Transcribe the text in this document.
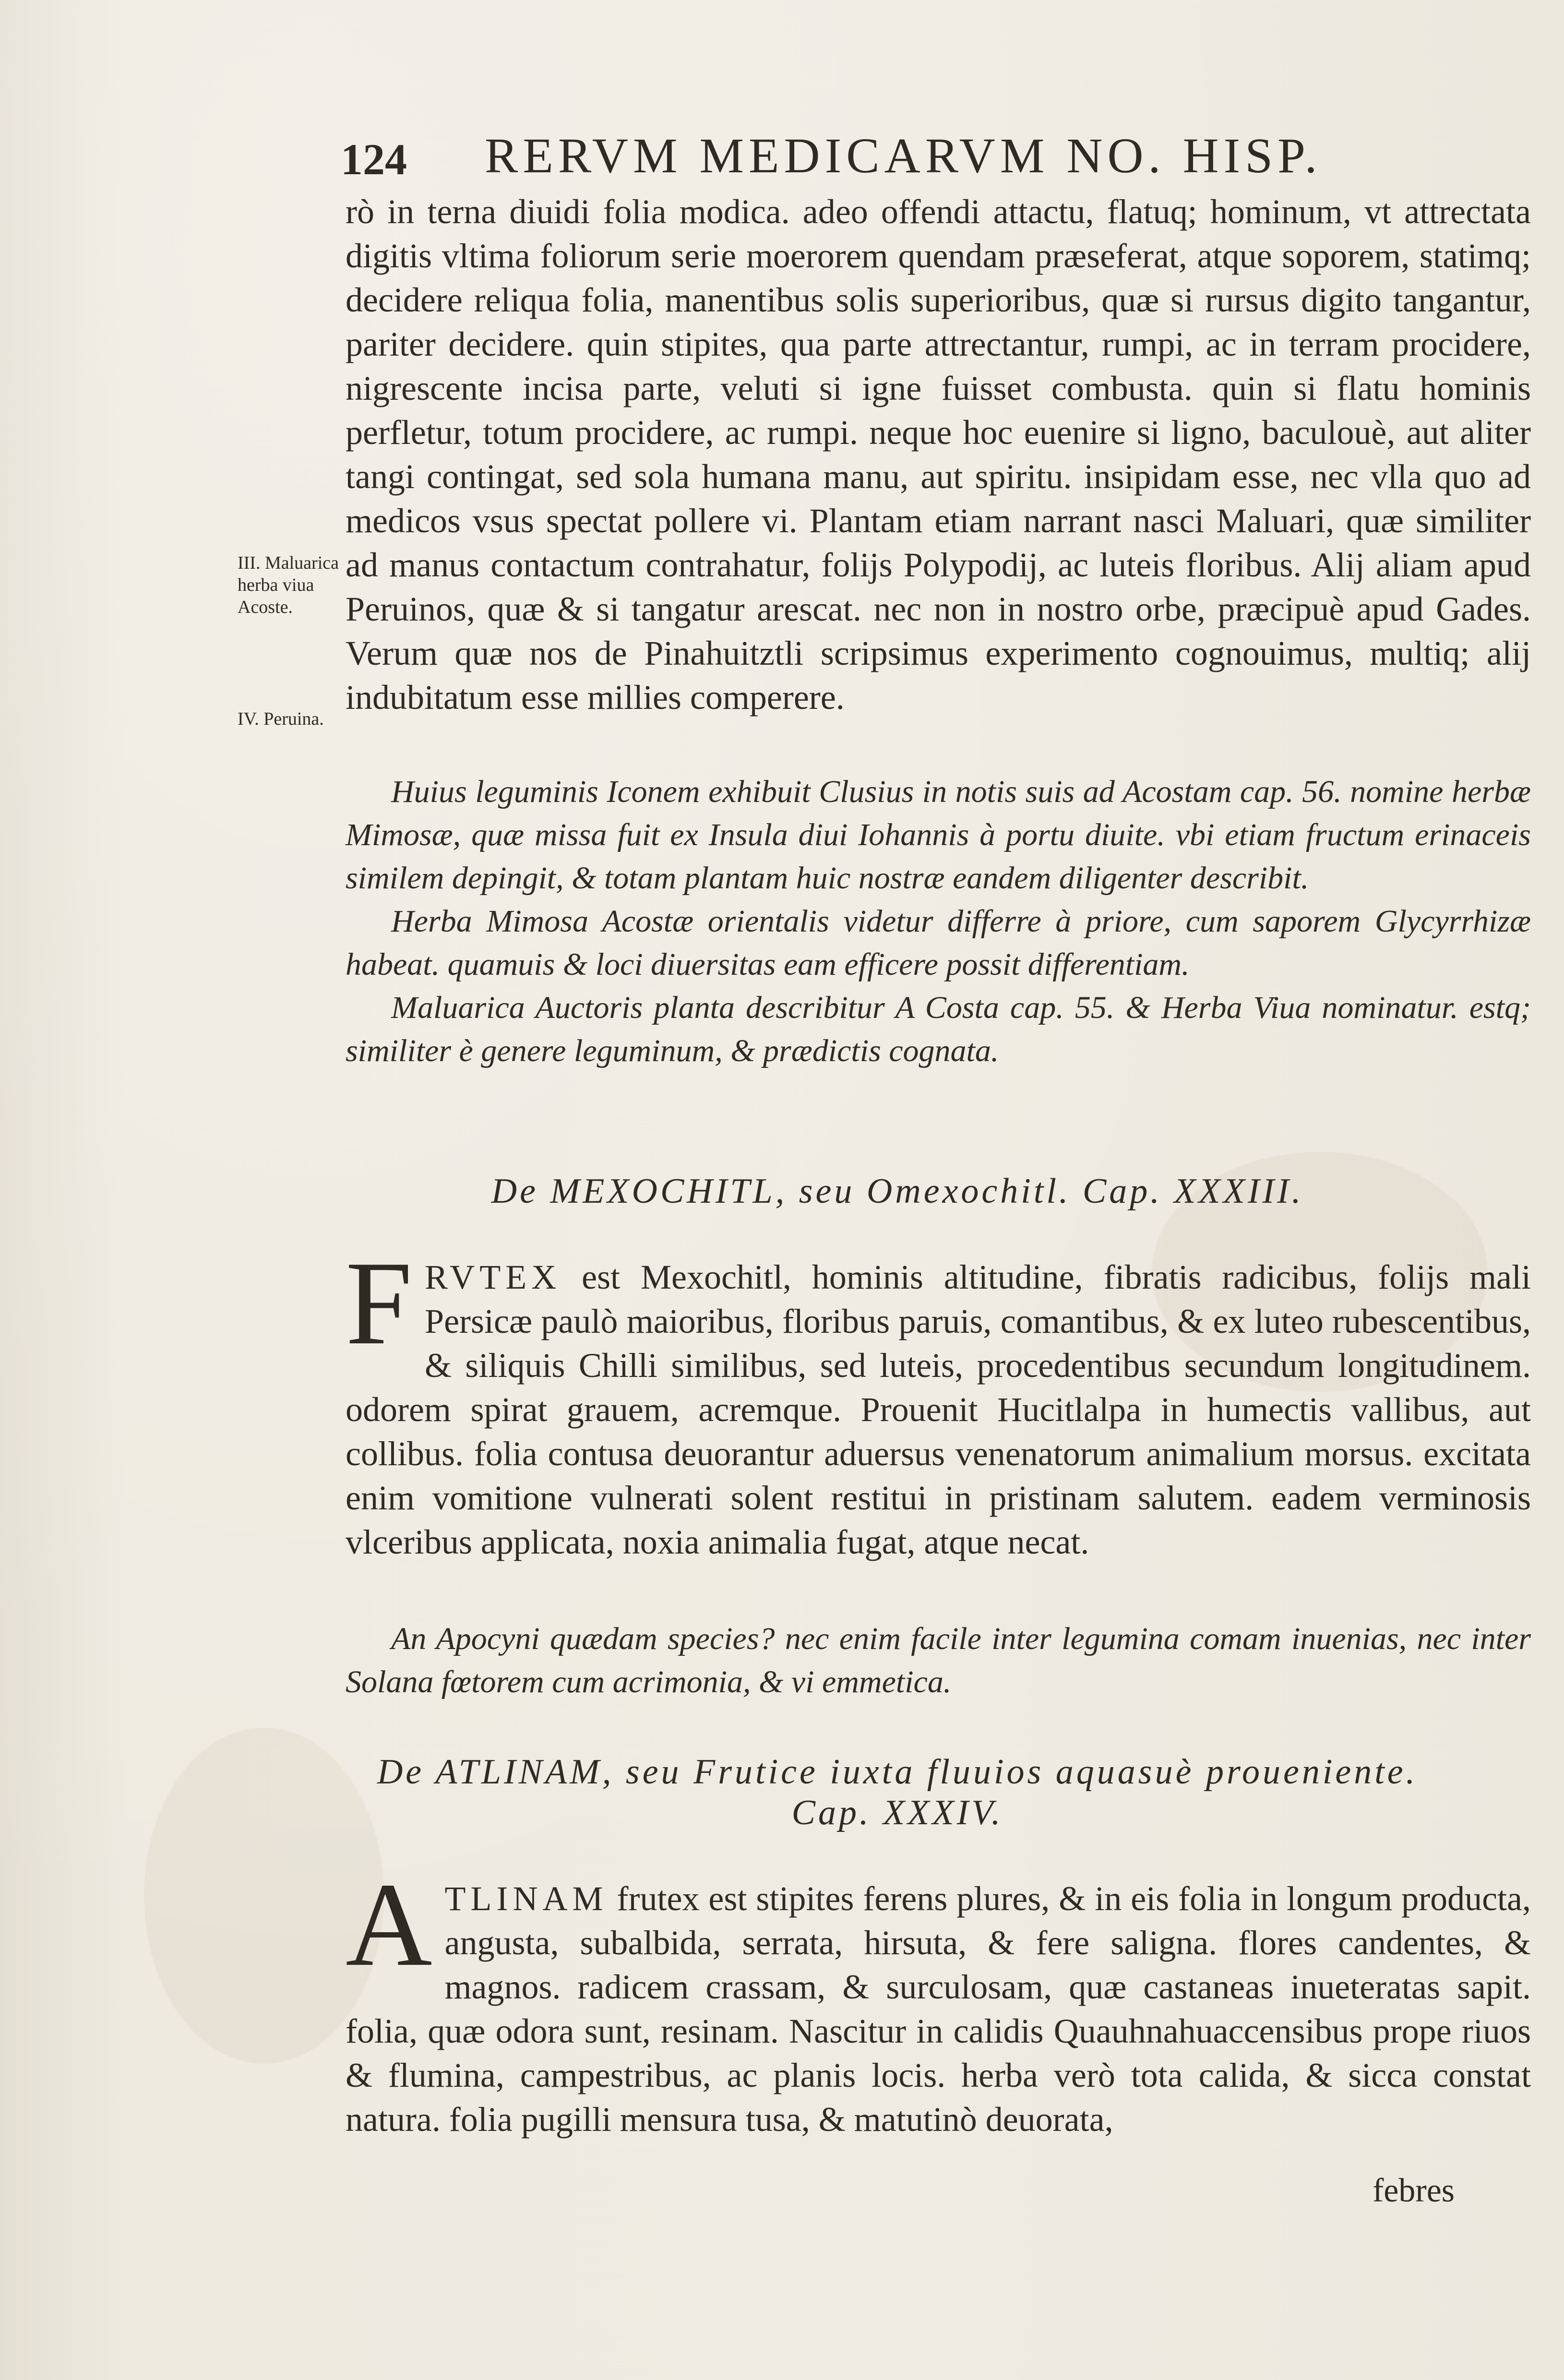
124 RERVM MEDICARVM NO. HISP.

rò in terna diuidi folia modica. adeo offendi attactu, flatuq; hominum, vt attrectata digitis vltima foliorum serie moerorem quendam præseferat, atque soporem, statimq; decidere reliqua folia, manentibus solis superioribus, quæ si rursus digito tangantur, pariter decidere. quin stipites, qua parte attrectantur, rumpi, ac in terram procidere, nigrescente incisa parte, veluti si igne fuisset combusta. quin si flatu hominis perfletur, totum procidere, ac rumpi. neque hoc euenire si ligno, baculouè, aut aliter tangi contingat, sed sola humana manu, aut spiritu. insipidam esse, nec vlla quo ad medicos vsus spectat pollere vi. Plantam etiam narrant nasci Maluari, quæ similiter ad manus contactum contrahatur, folijs Polypodij, ac luteis floribus. Alij aliam apud Peruinos, quæ & si tangatur arescat. nec non in nostro orbe, præcipuè apud Gades. Verum quæ nos de Pinahuitztli scripsimus experimento cognouimus, multiq; alij indubitatum esse millies comperere.

III. Maluarica herba viua Acoste.
IV. Peruina.

Huius leguminis Iconem exhibuit Clusius in notis suis ad Acostam cap. 56. nomine herbæ Mimosæ, quæ missa fuit ex Insula diui Iohannis à portu diuite. vbi etiam fructum erinaceis similem depingit, & totam plantam huic nostræ eandem diligenter describit.

Herba Mimosa Acostæ orientalis videtur differre à priore, cum saporem Glycyrrhizæ habeat. quamuis & loci diuersitas eam efficere possit differentiam.

Maluarica Auctoris planta describitur A Costa cap. 55. & Herba Viua nominatur. estq; similiter è genere leguminum, & prædictis cognata.

De MEXOCHITL, seu Omexochitl. Cap. XXXIII.
F RVTEX est Mexochitl, hominis altitudine, fibratis radicibus, folijs mali Persicæ paulò maioribus, floribus paruis, comantibus, & ex luteo rubescentibus, & siliquis Chilli similibus, sed luteis, procedentibus secundum longitudinem. odorem spirat grauem, acremque. Prouenit Hucitlalpa in humectis vallibus, aut collibus. folia contusa deuorantur aduersus venenatorum animalium morsus. excitata enim vomitione vulnerati solent restitui in pristinam salutem. eadem verminosis vlceribus applicata, noxia animalia fugat, atque necat.

An Apocyni quædam species? nec enim facile inter legumina comam inuenias, nec inter Solana fœtorem cum acrimonia, & vi emmetica.

De ATLINAM, seu Frutice iuxta fluuios aquasuè proueniente.
Cap. XXXIV.
A TLINAM frutex est stipites ferens plures, & in eis folia in longum producta, angusta, subalbida, serrata, hirsuta, & fere saligna. flores candentes, & magnos. radicem crassam, & surculosam, quæ castaneas inueteratas sapit. folia, quæ odora sunt, resinam. Nascitur in calidis Quauhnahuaccensibus prope riuos & flumina, campestribus, ac planis locis. herba verò tota calida, & sicca constat natura. folia pugilli mensura tusa, & matutinò deuorata,
febres
